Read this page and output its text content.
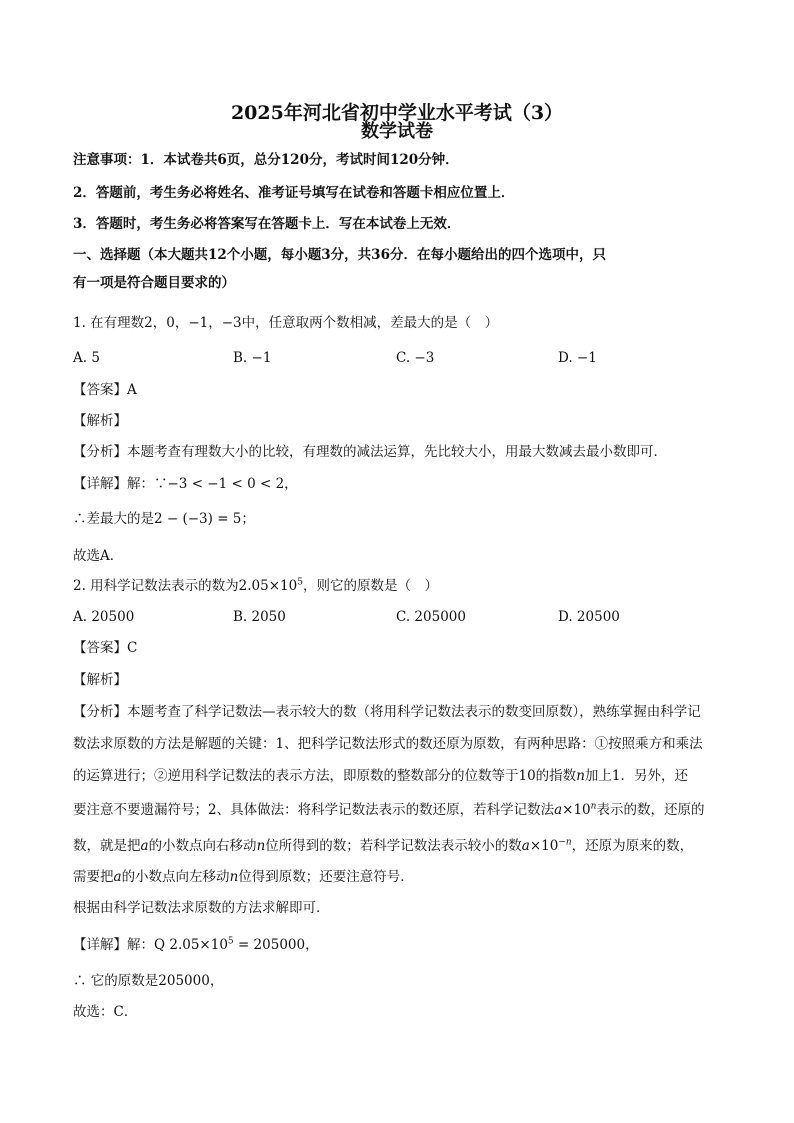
2025年河北省初中学业水平考试（3）
数学试卷
注意事项：1．本试卷共6页，总分120分，考试时间120分钟．
2．答题前，考生务必将姓名、准考证号填写在试卷和答题卡相应位置上．
3．答题时，考生务必将答案写在答题卡上．写在本试卷上无效．
一、选择题（本大题共12个小题，每小题3分，共36分．在每小题给出的四个选项中，只
有一项是符合题目要求的）
1. 在有理数2，0，−1，−3中，任意取两个数相减，差最大的是（　）
A. 5	B. −1	C. −3	D. −1
【答案】A
【解析】
【分析】本题考查有理数大小的比较，有理数的减法运算，先比较大小，用最大数减去最小数即可．
【详解】解：∵−3 < −1 < 0 < 2，
∴差最大的是2 − (−3) = 5；
故选A．
2. 用科学记数法表示的数为$2.05\times 10^5$，则它的原数是（　）
A. 20500	B. 2050	C. 205000	D. 20500
【答案】C
【解析】
【分析】本题考查了科学记数法—表示较大的数（将用科学记数法表示的数变回原数），熟练掌握由科学记
数法求原数的方法是解题的关键：1、把科学记数法形式的数还原为原数，有两种思路：①按照乘方和乘法
的运算进行；②逆用科学记数法的表示方法，即原数的整数部分的位数等于10的指数n加上1．另外，还
要注意不要遗漏符号；2、具体做法：将科学记数法表示的数还原，若科学记数法$a\times 10^n$表示的数，还原的
数，就是把a的小数点向右移动n位所得到的数；若科学记数法表示较小的数$a\times 10^{-n}$，还原为原来的数，
需要把a的小数点向左移动n位得到原数；还要注意符号．
根据由科学记数法求原数的方法求解即可．
【详解】解：Q $2.05\times 10^5 = 205000$，
∴ 它的原数是205000，
故选：C．
